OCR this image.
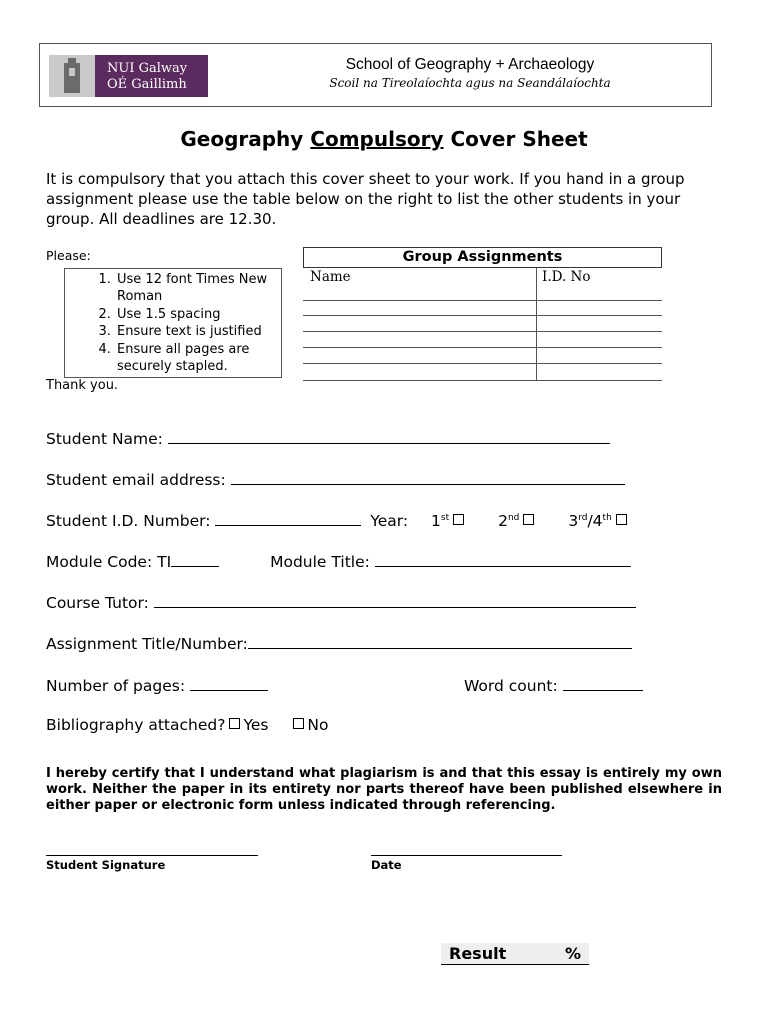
NUI Galway
OÉ Gaillimh
School of Geography + Archaeology
Scoil na Tireolaíochta agus na Seandálaíochta
Geography Compulsory Cover Sheet
It is compulsory that you attach this cover sheet to your work. If you hand in a group assignment please use the table below on the right to list the other students in your group. All deadlines are 12.30.
Please:
1. Use 12 font Times New Roman
2. Use 1.5 spacing
3. Ensure text is justified
4. Ensure all pages are securely stapled.
Thank you.
Group Assignments
Name	I.D. No
Student Name:
Student email address:
Student I.D. Number:	Year: 1st	2nd	3rd/4th
Module Code: TI	Module Title:
Course Tutor:
Assignment Title/Number:
Number of pages:	Word count:
Bibliography attached? Yes	No
I hereby certify that I understand what plagiarism is and that this essay is entirely my own work. Neither the paper in its entirety nor parts thereof have been published elsewhere in either paper or electronic form unless indicated through referencing.
Student Signature	Date
Result	%
